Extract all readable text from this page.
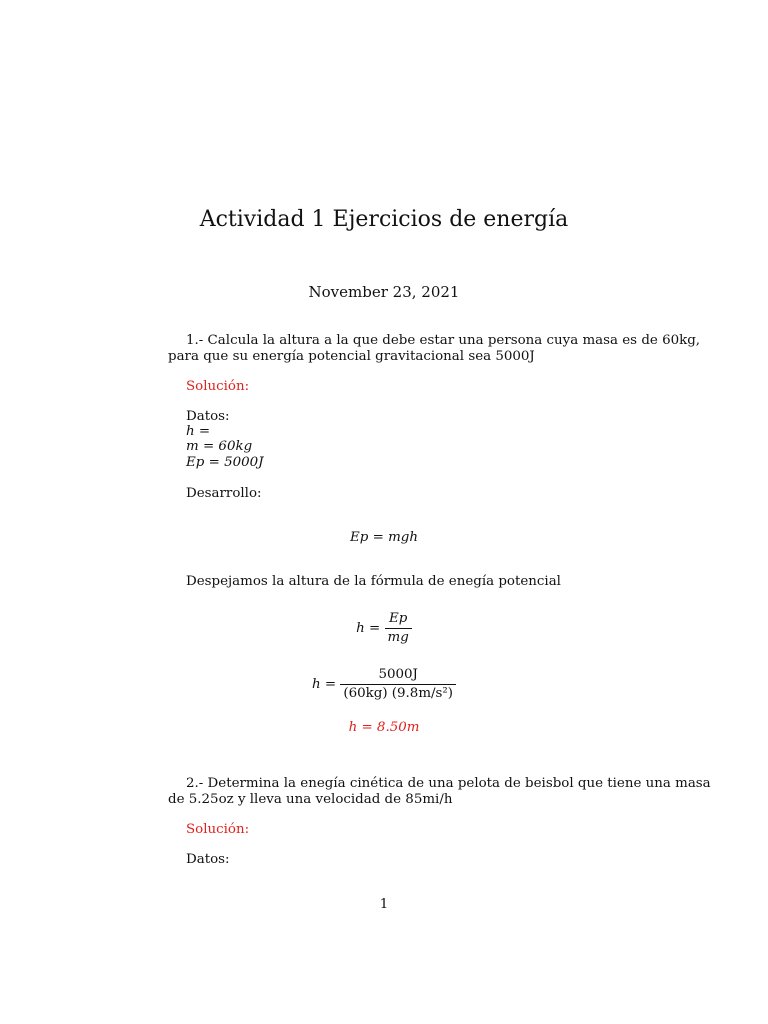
Actividad 1 Ejercicios de energía
November 23, 2021
1.- Calcula la altura a la que debe estar una persona cuya masa es de 60kg,
para que su energía potencial gravitacional sea 5000J
Solución:
Datos:
h =
m = 60kg
Ep = 5000J
Desarrollo:
Ep = mgh
Despejamos la altura de la fórmula de enegía potencial
$h = \frac{Ep}{mg}$
$h = \frac{5000J}{\text{(60kg) (9.8m/s²)}}$
h = 8.50m
2.- Determina la enegía cinética de una pelota de beisbol que tiene una masa
de 5.25oz y lleva una velocidad de 85mi/h
Solución:
Datos:
1
